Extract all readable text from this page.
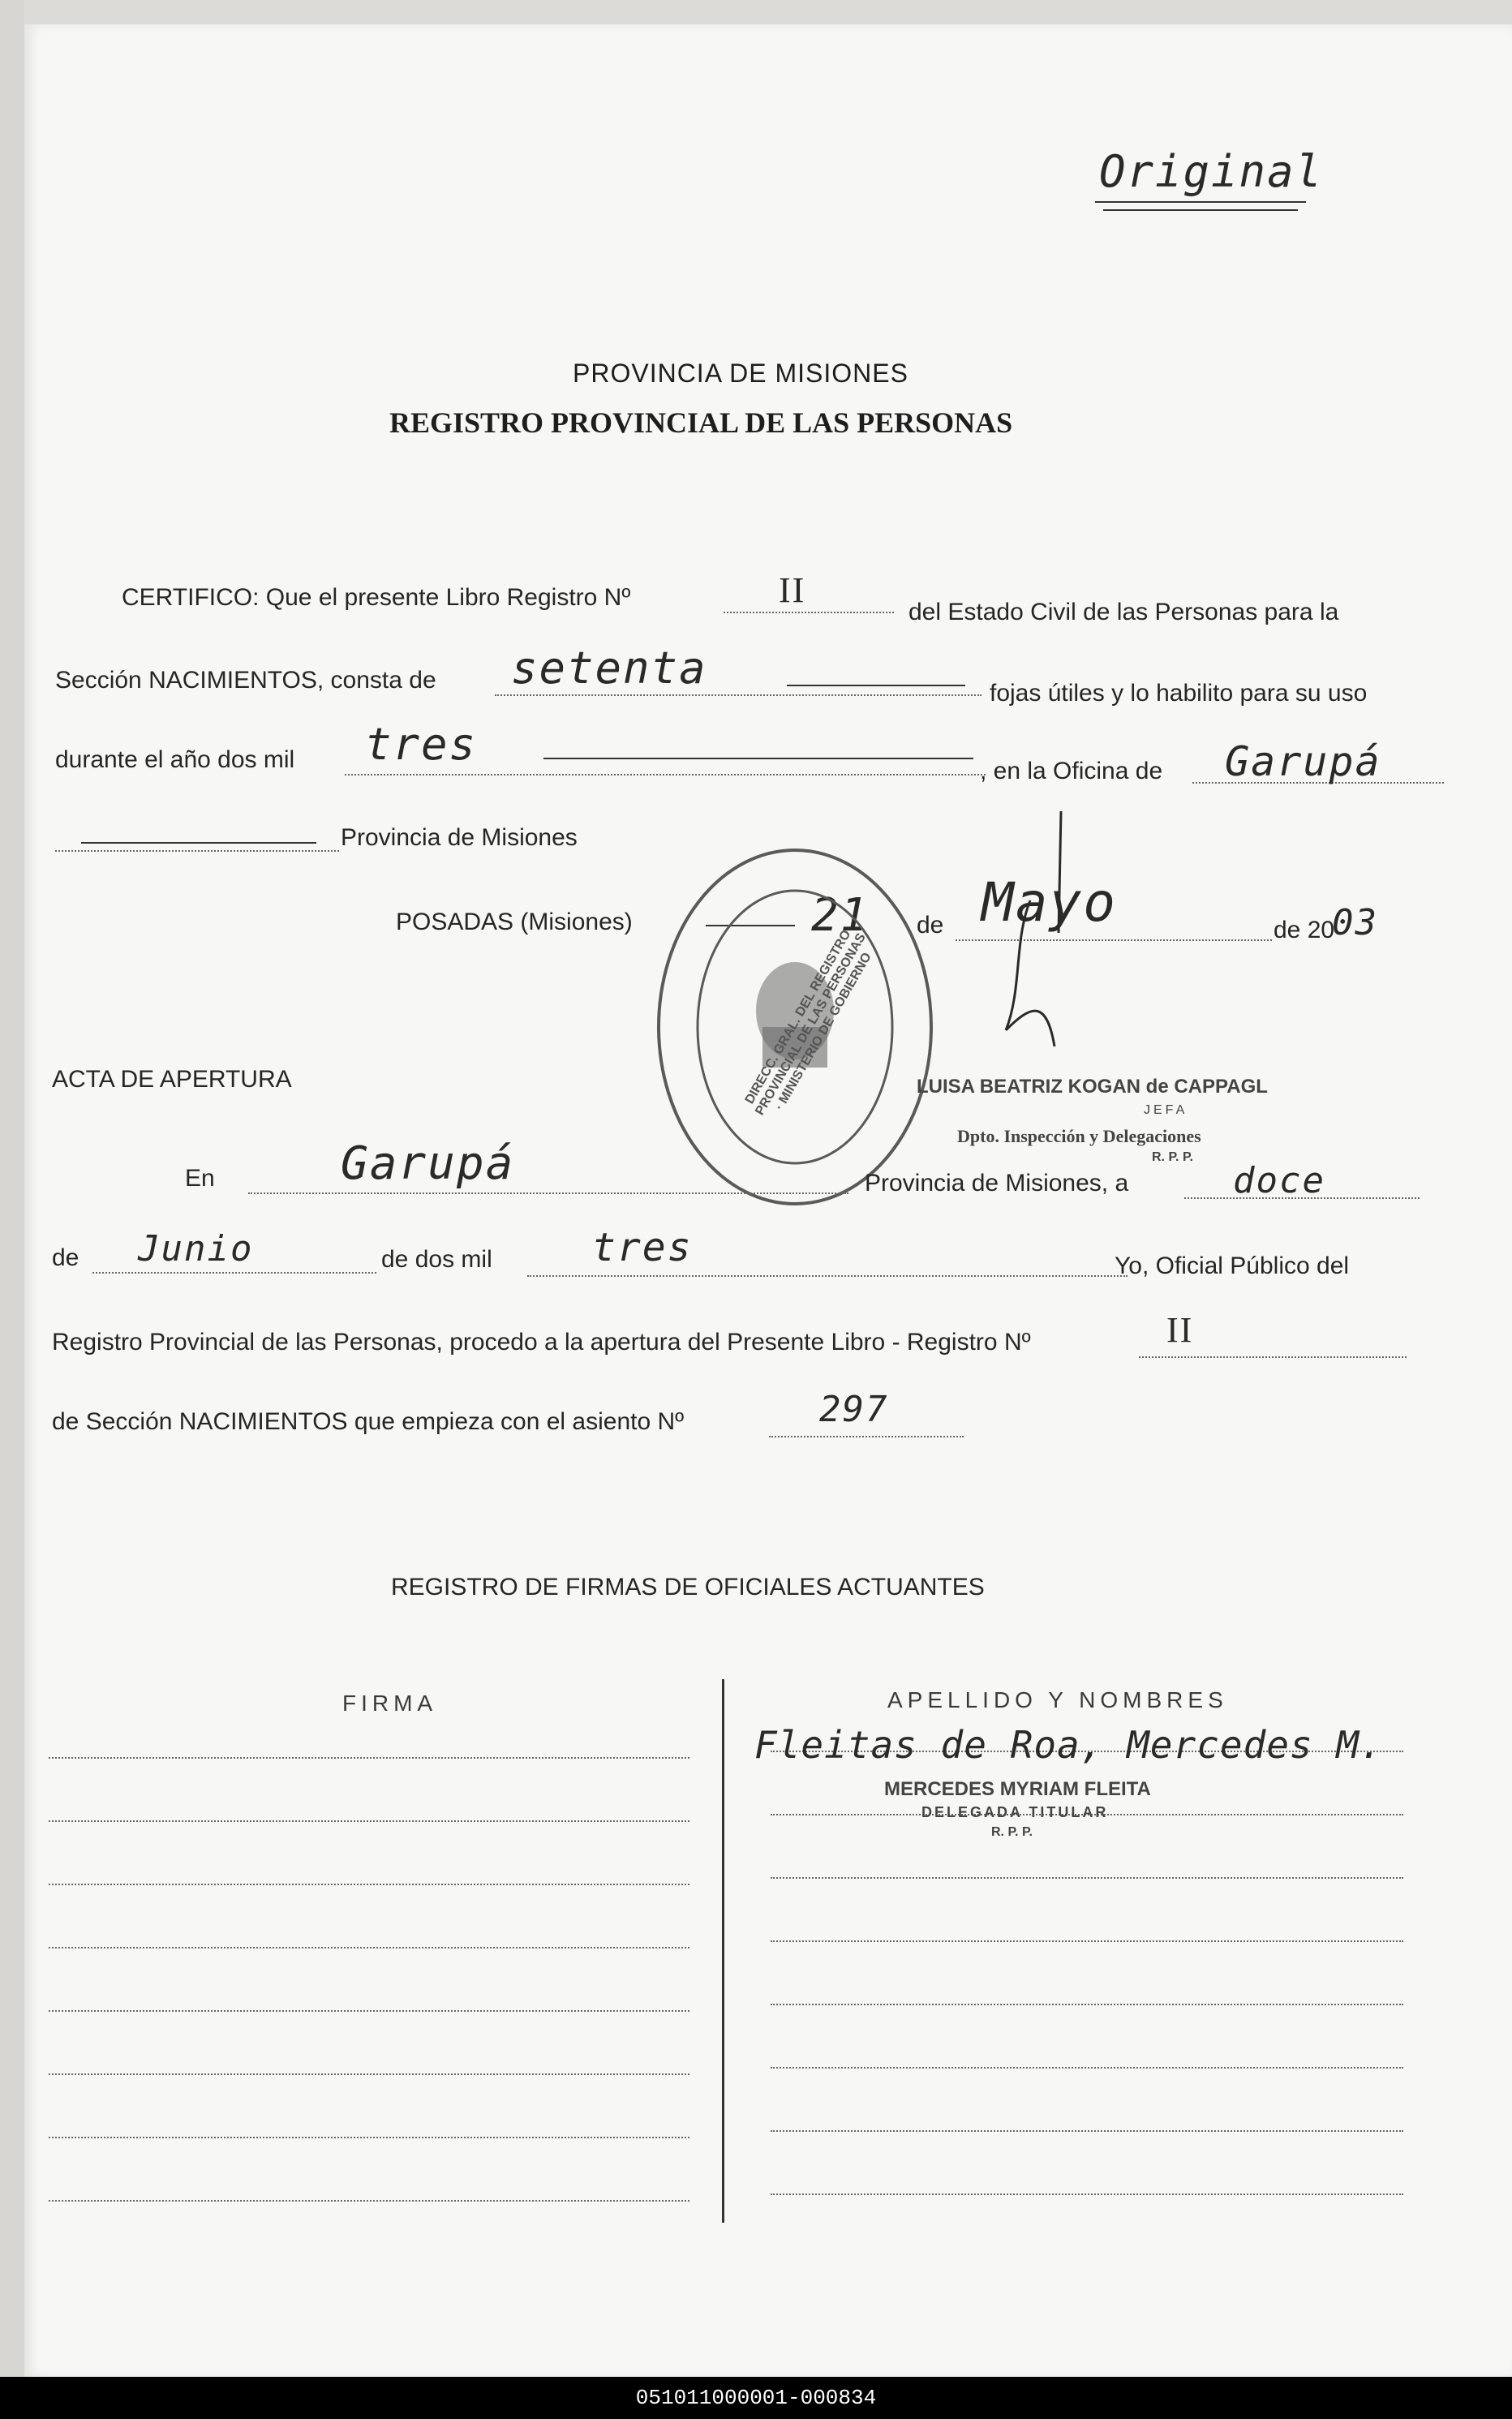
Original
PROVINCIA DE MISIONES
REGISTRO PROVINCIAL DE LAS PERSONAS
CERTIFICO: Que el presente Libro Registro Nº	II
del Estado Civil de las Personas para la
Sección NACIMIENTOS, consta de setenta	fojas útiles y lo habilito para su uso
durante el año dos mil tres
, en la Oficina de Garupá
Provincia de Misiones
POSADAS (Misiones)	21 de Mayo	de 20
03
DIRECC. GRAL. DEL REGISTRO PROVINCIAL DE LAS PERSONAS · MINISTERIO DE GOBIERNO
ACTA DE APERTURA	LUISA BEATRIZ KOGAN de CAPPAGL
JEFA
Dpto. Inspección y Delegaciones
R. P. P.
En	Garupá	Provincia de Misiones, a	doce
de Junio	de dos mil	tres	Yo, Oficial Público del
Registro Provincial de las Personas, procedo a la apertura del Presente Libro - Registro Nº	II
de Sección NACIMIENTOS que empieza con el asiento Nº	297
REGISTRO DE FIRMAS DE OFICIALES ACTUANTES
FIRMA	APELLIDO Y NOMBRES
Fleitas de Roa, Mercedes M.
MERCEDES MYRIAM FLEITA
DELEGADA TITULAR
R. P. P.
051011000001-000834
